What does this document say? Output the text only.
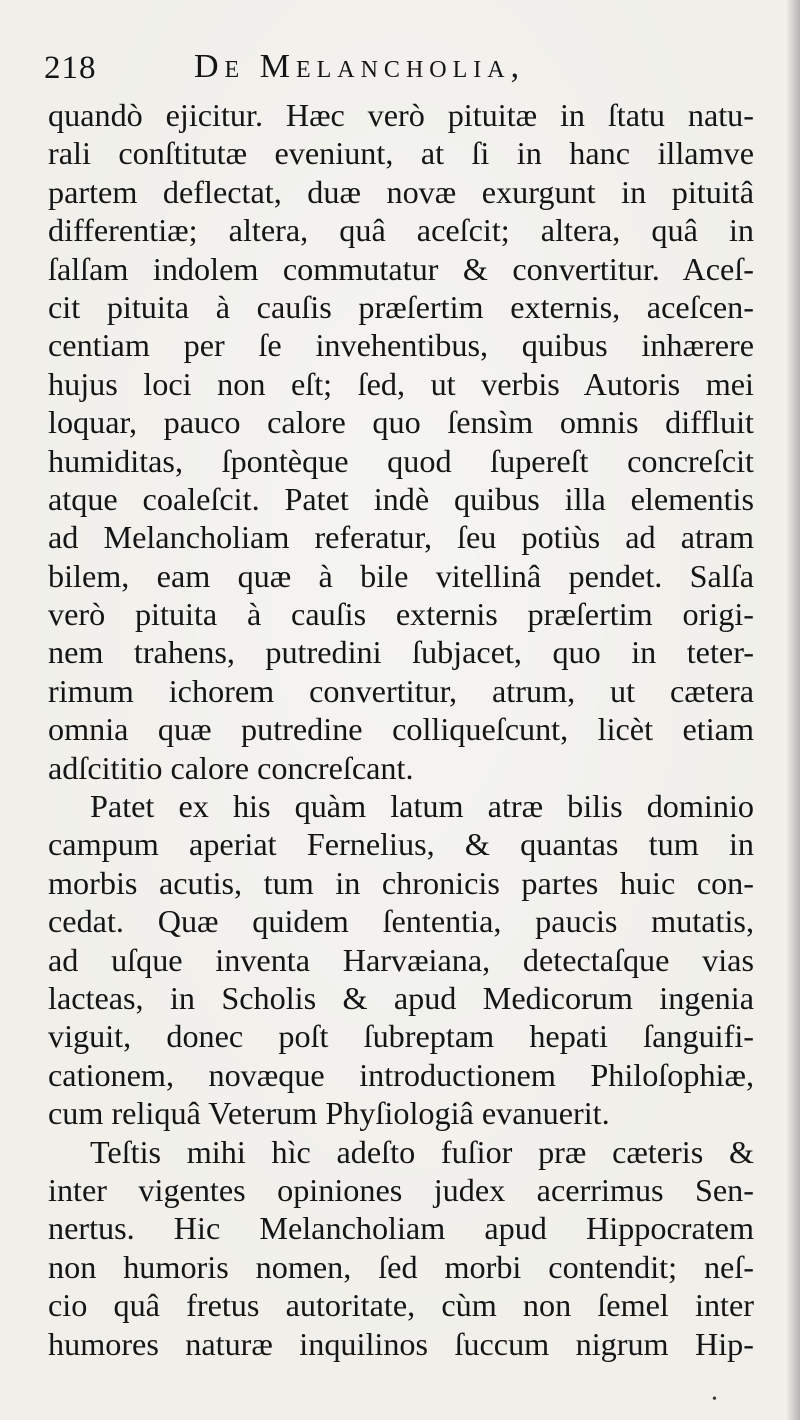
218	De Melancholia,
quandò ejicitur. Hæc verò pituitæ in ſtatu natu-
rali conſtitutæ eveniunt, at ſi in hanc illamve
partem deflectat, duæ novæ exurgunt in pituitâ
differentiæ; altera, quâ aceſcit; altera, quâ in
ſalſam indolem commutatur & convertitur. Aceſ-
cit pituita à cauſis præſertim externis, aceſcen-
centiam per ſe invehentibus, quibus inhærere
hujus loci non eſt; ſed, ut verbis Autoris mei
loquar, pauco calore quo ſensìm omnis diffluit
humiditas, ſpontèque quod ſupereſt concreſcit
atque coaleſcit. Patet indè quibus illa elementis
ad Melancholiam referatur, ſeu potiùs ad atram
bilem, eam quæ à bile vitellinâ pendet. Salſa
verò pituita à cauſis externis præſertim origi-
nem trahens, putredini ſubjacet, quo in teter-
rimum ichorem convertitur, atrum, ut cætera
omnia quæ putredine colliqueſcunt, licèt etiam
adſcititio calore concreſcant.
Patet ex his quàm latum atræ bilis dominio
campum aperiat Fernelius, & quantas tum in
morbis acutis, tum in chronicis partes huic con-
cedat. Quæ quidem ſententia, paucis mutatis,
ad uſque inventa Harvæiana, detectaſque vias
lacteas, in Scholis & apud Medicorum ingenia
viguit, donec poſt ſubreptam hepati ſanguifi-
cationem, novæque introductionem Philoſophiæ,
cum reliquâ Veterum Phyſiologiâ evanuerit.
Teſtis mihi hìc adeſto fuſior præ cæteris &
inter vigentes opiniones judex acerrimus Sen-
nertus. Hic Melancholiam apud Hippocratem
non humoris nomen, ſed morbi contendit; neſ-
cio quâ fretus autoritate, cùm non ſemel inter
humores naturæ inquilinos ſuccum nigrum Hip-
•
